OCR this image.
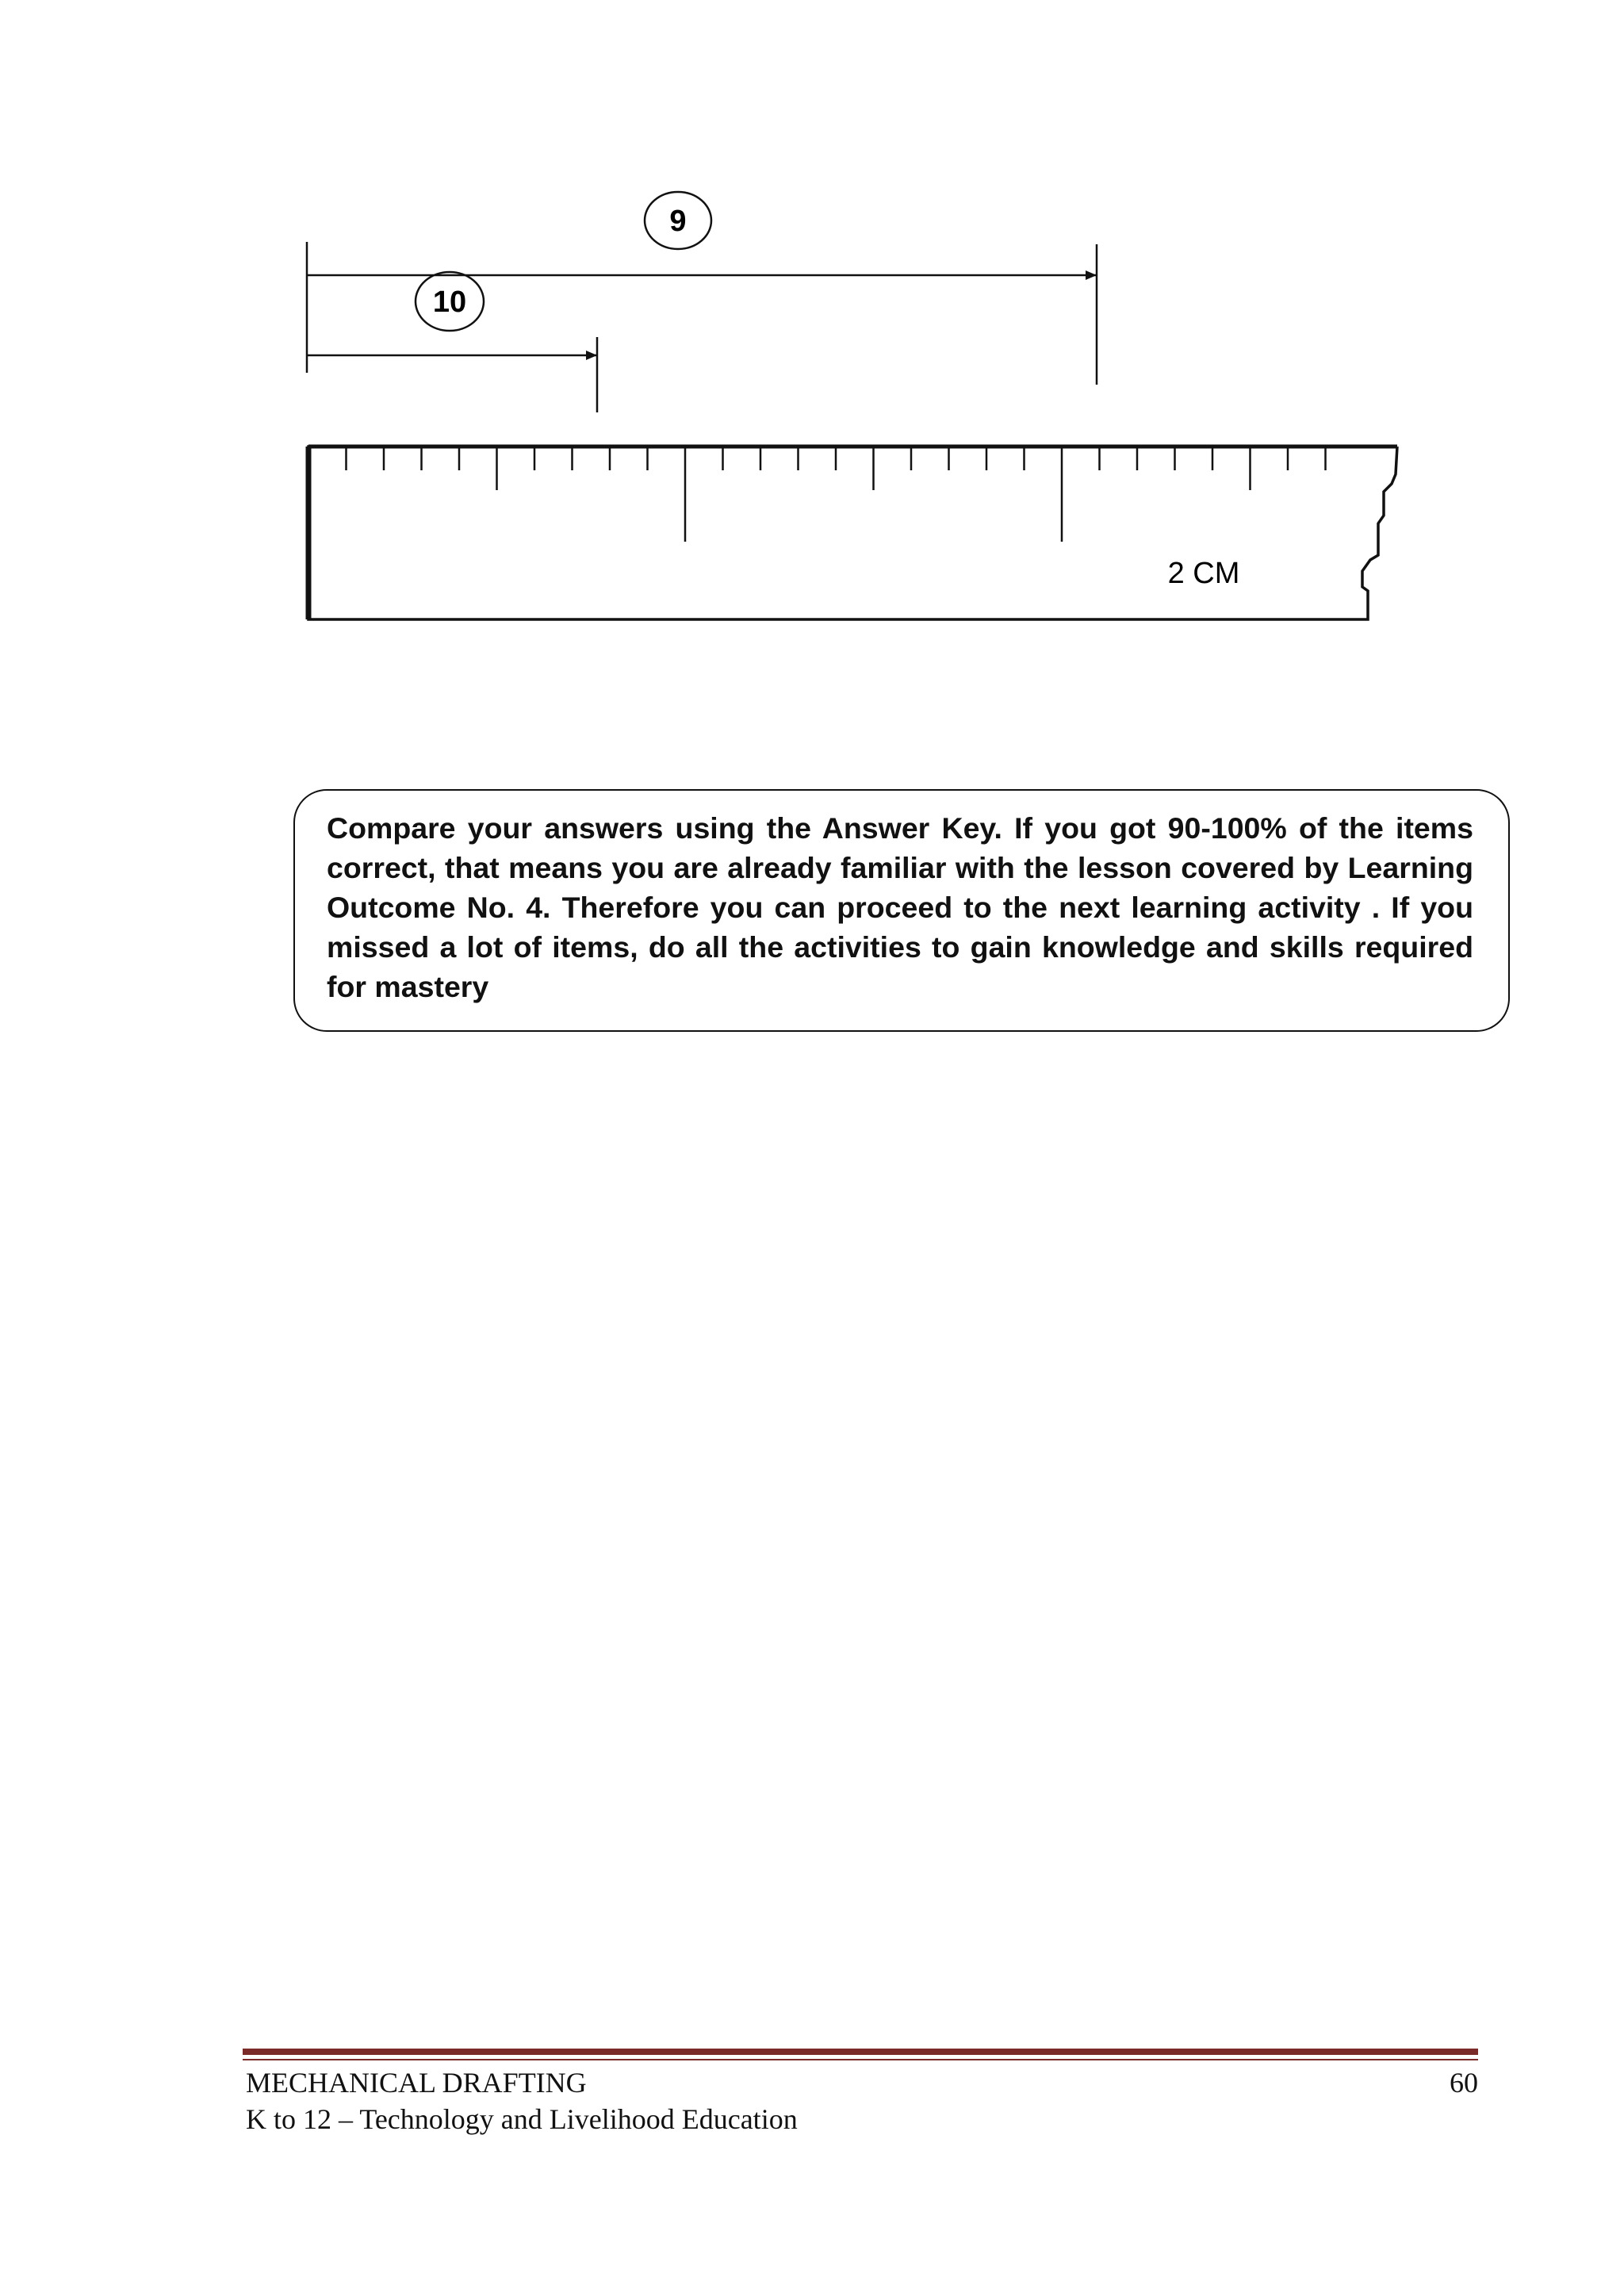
9
10
2 CM
Compare your answers using the Answer Key. If you got 90-100% of the items correct, that means you are already familiar with the lesson covered by Learning Outcome No. 4. Therefore you can proceed to the next learning activity . If you missed a lot of items, do all the activities to gain knowledge and skills required for mastery
MECHANICAL DRAFTING
K to 12 – Technology and Livelihood Education
60
